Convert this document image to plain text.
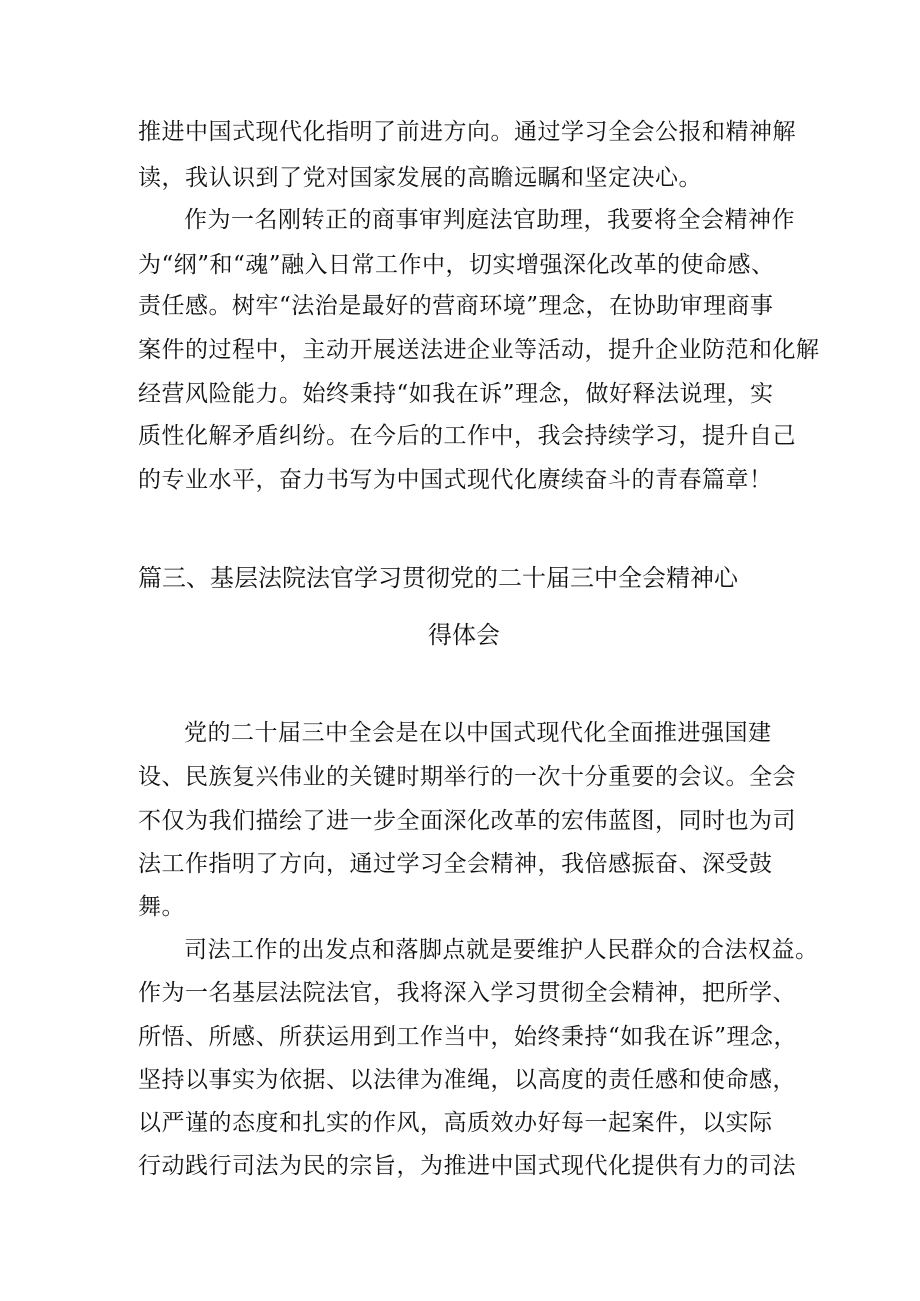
推进中国式现代化指明了前进方向。通过学习全会公报和精神解
读，我认识到了党对国家发展的高瞻远瞩和坚定决心。
作为一名刚转正的商事审判庭法官助理，我要将全会精神作
为“纲”和“魂”融入日常工作中，切实增强深化改革的使命感、
责任感。树牢“法治是最好的营商环境”理念，在协助审理商事
案件的过程中，主动开展送法进企业等活动，提升企业防范和化解
经营风险能力。始终秉持“如我在诉”理念，做好释法说理，实
质性化解矛盾纠纷。在今后的工作中，我会持续学习，提升自己
的专业水平，奋力书写为中国式现代化赓续奋斗的青春篇章！
篇三、基层法院法官学习贯彻党的二十届三中全会精神心
得体会
党的二十届三中全会是在以中国式现代化全面推进强国建
设、民族复兴伟业的关键时期举行的一次十分重要的会议。全会
不仅为我们描绘了进一步全面深化改革的宏伟蓝图，同时也为司
法工作指明了方向，通过学习全会精神，我倍感振奋、深受鼓
舞。
司法工作的出发点和落脚点就是要维护人民群众的合法权益。
作为一名基层法院法官，我将深入学习贯彻全会精神，把所学、
所悟、所感、所获运用到工作当中，始终秉持“如我在诉”理念，
坚持以事实为依据、以法律为准绳，以高度的责任感和使命感，
以严谨的态度和扎实的作风，高质效办好每一起案件，以实际
行动践行司法为民的宗旨，为推进中国式现代化提供有力的司法
